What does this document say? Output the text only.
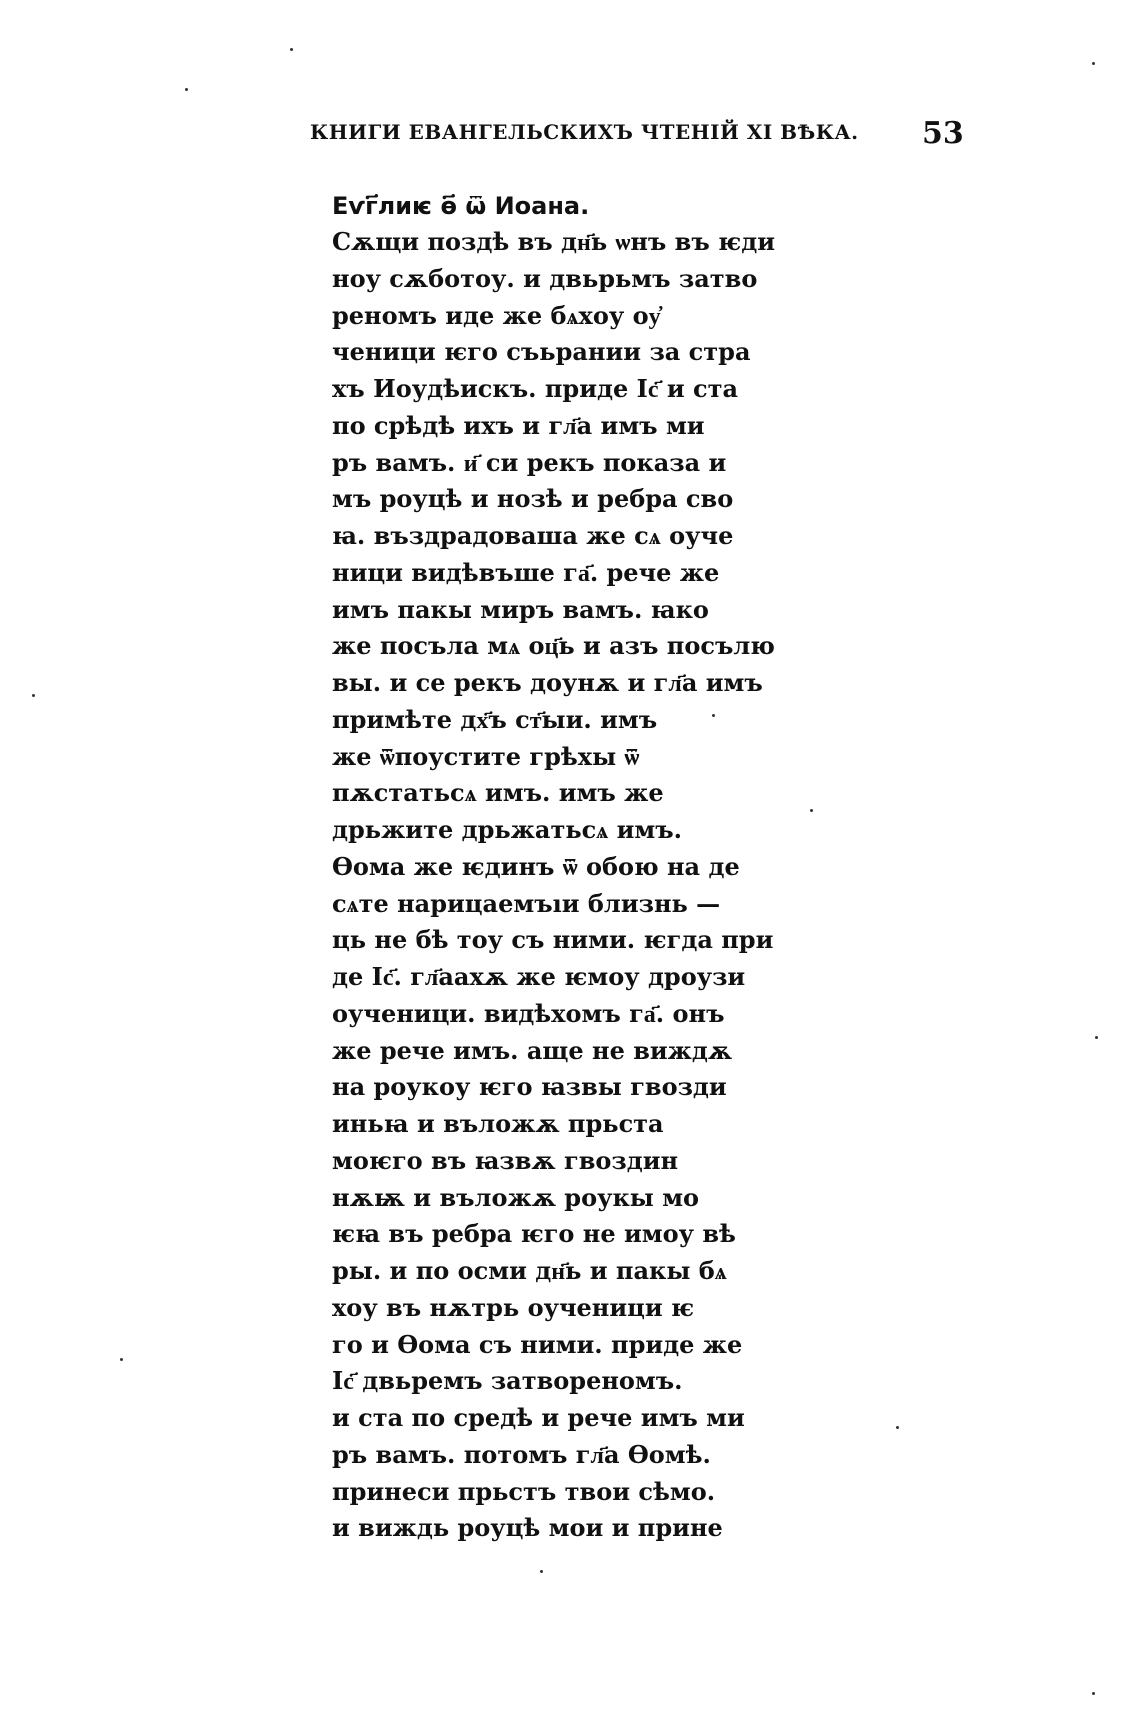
КНИГИ ЕВАНГЕЛЬСКИХЪ ЧТЕНІЙ XI ВѢКА. 53
Еѵг҃лиѥ ѳ҃ ѿ Иоана.
Сѫщи поздѣ въ дн҃ь ѡнъ въ ѥди
ноу сѫботоу. и двьрьмъ затво
реномъ иде же бѧхоу оу҆
ченици ѥго съьрании за стра
хъ Иоудѣискъ. приде Іс҃ и ста
по срѣдѣ ихъ и гл҃а имъ ми
ръ вамъ. и҃ си рекъ показа и
мъ роуцѣ и нозѣ и ребра сво
ꙗ. въздрадоваша же сѧ оуче
ници видѣвъше га҃. рече же
имъ пакы миръ вамъ. ꙗко
же посъла мѧ оц҃ь и азъ посълю
вы. и се рекъ доунѫ и гл҃а имъ
примѣте дх҃ъ ст҃ыи. имъ
же ѿпоустите грѣхы ѿ
пѫстатьсѧ имъ. имъ же
дрьжите дрьжатьсѧ имъ.
Ѳома же ѥдинъ ѿ обою на де
сѧте нарицаемъıи близнь —
ць не бѣ тоу съ ними. ѥгда при
де Іс҃. гл҃аахѫ же ѥмоу дроузи
оученици. видѣхомъ га҃. онъ
же рече имъ. аще не виждѫ
на роукоу ѥго ꙗзвы гвозди
иньꙗ и въложѫ прьста
моѥго въ ꙗзвѫ гвоздин
нѫѭ и въложѫ роукы мо
ѥꙗ въ ребра ѥго не имоу вѣ
ры. и по осми дн҃ь и пакы бѧ
хоу въ нѫтрь оученици ѥ
го и Ѳома съ ними. приде же
Іс҃ двьремъ затвореномъ.
и ста по средѣ и рече имъ ми
ръ вамъ. потомъ гл҃а Ѳомѣ.
принеси прьстъ твои сѣмо.
и виждь роуцѣ мои и прине
